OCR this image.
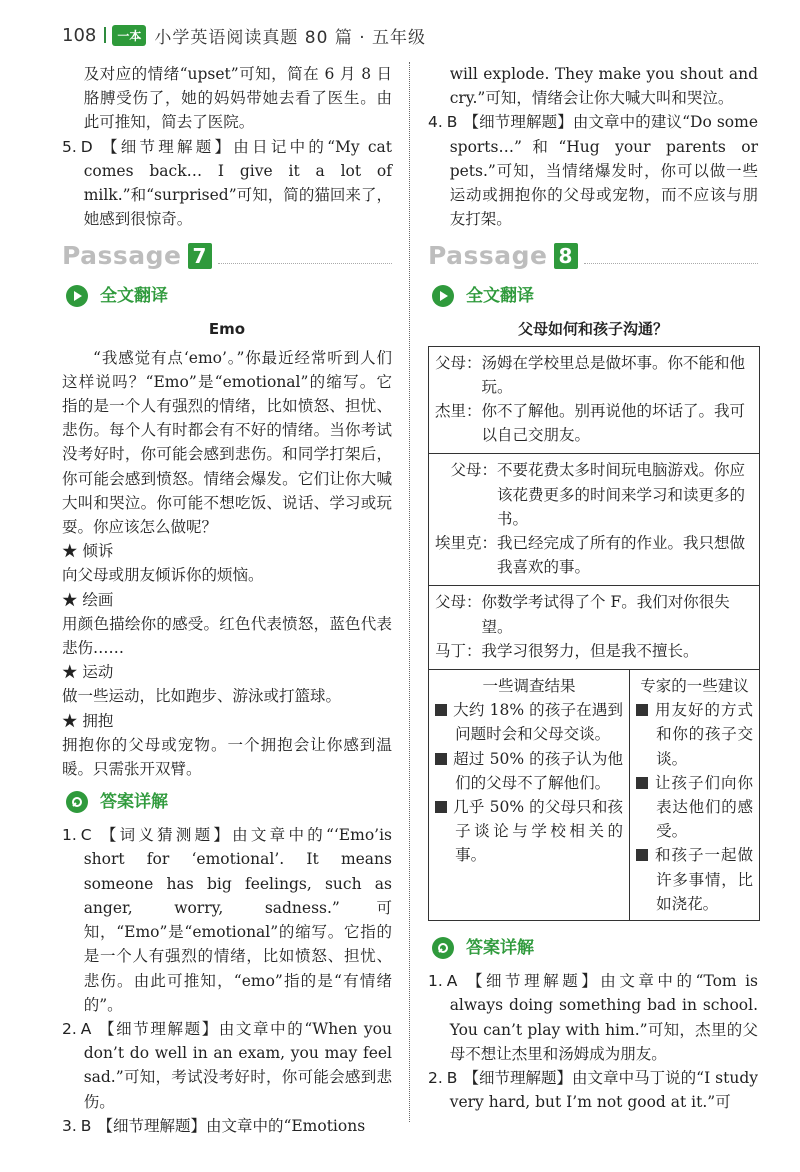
108	一本 小学英语阅读真题 80 篇 · 五年级

及对应的情绪“upset”可知，简在 6 月 8 日胳膊受伤了，她的妈妈带她去看了医生。由此可推知，简去了医院。

5. D 【细节理解题】由日记中的“My cat comes back… I give it a lot of milk.”和“surprised”可知，简的猫回来了，她感到很惊奇。

Passage 7
全文翻译
Emo

“我感觉有点‘emo’。”你最近经常听到人们这样说吗？“Emo”是“emotional”的缩写。它指的是一个人有强烈的情绪，比如愤怒、担忧、悲伤。每个人有时都会有不好的情绪。当你考试没考好时，你可能会感到悲伤。和同学打架后，你可能会感到愤怒。情绪会爆发。它们让你大喊大叫和哭泣。你可能不想吃饭、说话、学习或玩耍。你应该怎么做呢？

★ 倾诉

向父母或朋友倾诉你的烦恼。

★ 绘画

用颜色描绘你的感受。红色代表愤怒，蓝色代表悲伤……

★ 运动

做一些运动，比如跑步、游泳或打篮球。

★ 拥抱

拥抱你的父母或宠物。一个拥抱会让你感到温暖。只需张开双臂。

答案详解

1. C 【词义猜测题】由文章中的“‘Emo’is short for ‘emotional’. It means someone has big feelings, such as anger, worry, sadness.”可知，“Emo”是“emotional”的缩写。它指的是一个人有强烈的情绪，比如愤怒、担忧、悲伤。由此可推知，“emo”指的是“有情绪的”。

2. A 【细节理解题】由文章中的“When you don’t do well in an exam, you may feel sad.”可知，考试没考好时，你可能会感到悲伤。

3. B 【细节理解题】由文章中的“Emotions

will explode. They make you shout and cry.”可知，情绪会让你大喊大叫和哭泣。

4. B 【细节理解题】由文章中的建议“Do some sports…”和“Hug your parents or pets.”可知，当情绪爆发时，你可以做一些运动或拥抱你的父母或宠物，而不应该与朋友打架。

Passage 8
全文翻译
父母如何和孩子沟通？

父母：汤姆在学校里总是做坏事。你不能和他玩。

杰里：你不了解他。别再说他的坏话了。我可以自己交朋友。

父母：不要花费太多时间玩电脑游戏。你应该花费更多的时间来学习和读更多的书。

埃里克：我已经完成了所有的作业。我只想做我喜欢的事。

父母：你数学考试得了个 F。我们对你很失望。

马丁：我学习很努力，但是我不擅长。

一些调查结果

大约 18% 的孩子在遇到问题时会和父母交谈。

超过 50% 的孩子认为他们的父母不了解他们。

几乎 50% 的父母只和孩子谈论与学校相关的事。

专家的一些建议

用友好的方式和你的孩子交谈。

让孩子们向你表达他们的感受。

和孩子一起做许多事情，比如浇花。

答案详解

1. A 【细节理解题】由文章中的“Tom is always doing something bad in school. You can’t play with him.”可知，杰里的父母不想让杰里和汤姆成为朋友。

2. B 【细节理解题】由文章中马丁说的“I study very hard, but I’m not good at it.”可
